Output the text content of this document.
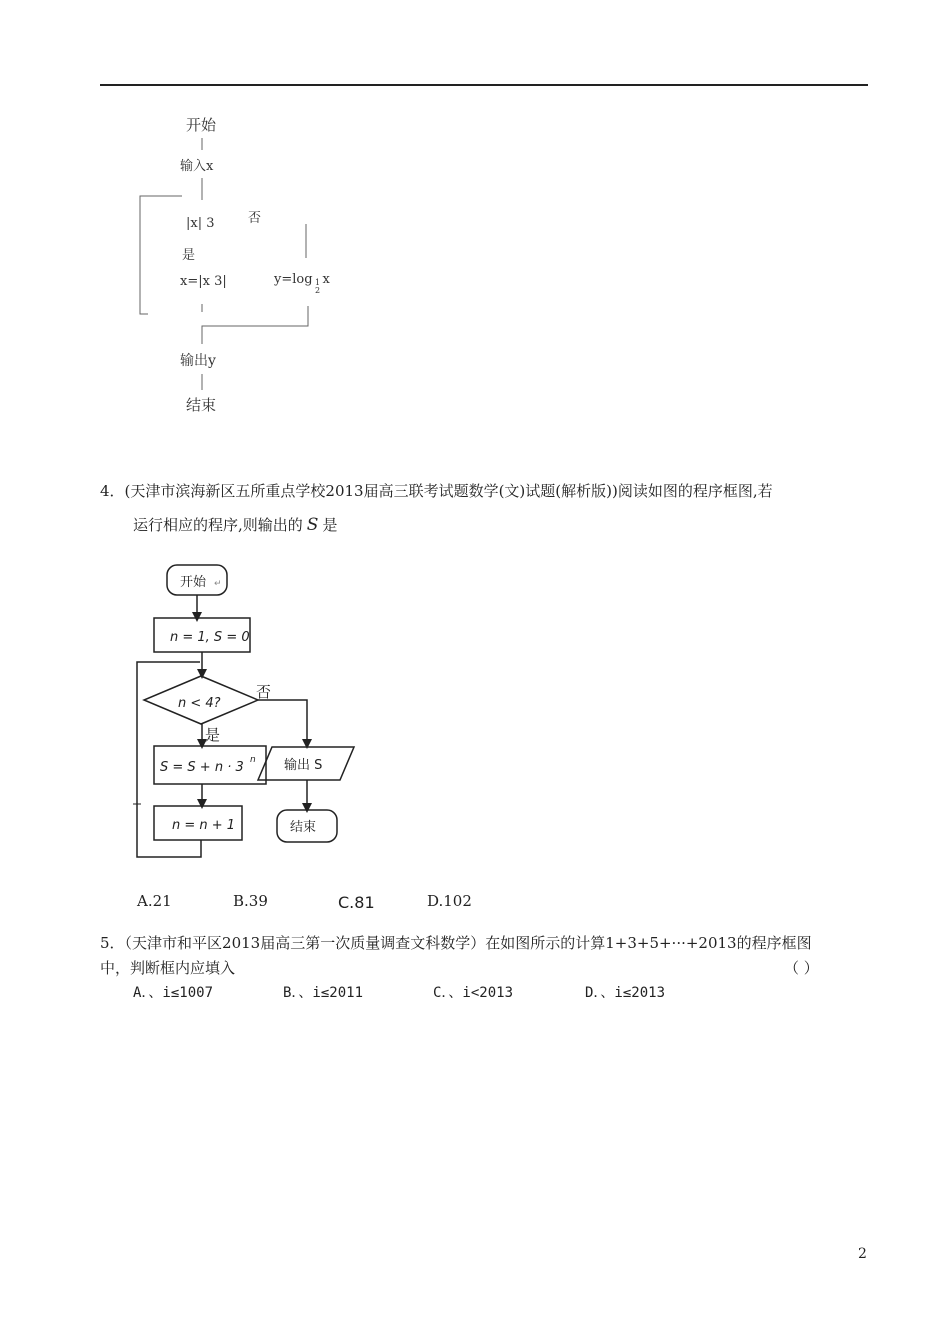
开始
输入x
|x| 3	否
是
x=|x 3|	y=log 1
2x
输出y
结束
4．(天津市滨海新区五所重点学校2013届高三联考试题数学(文)试题(解析版))阅读如图的程序框图,若
运行相应的程序,则输出的 S 是
开始 ↵
n = 1, S = 0
n < 4?
否
是
S = S + n · 3 n
n = n + 1
输出 S
结束
A.21	B.39	C.81	D.102
5．（天津市和平区2013届高三第一次质量调查文科数学）在如图所示的计算1+3+5+···+2013的程序框图
中，判断框内应填入	（ ）
A．、i≤1007	B．、i≤2011	C．、i<2013	D．、i≤2013
2
